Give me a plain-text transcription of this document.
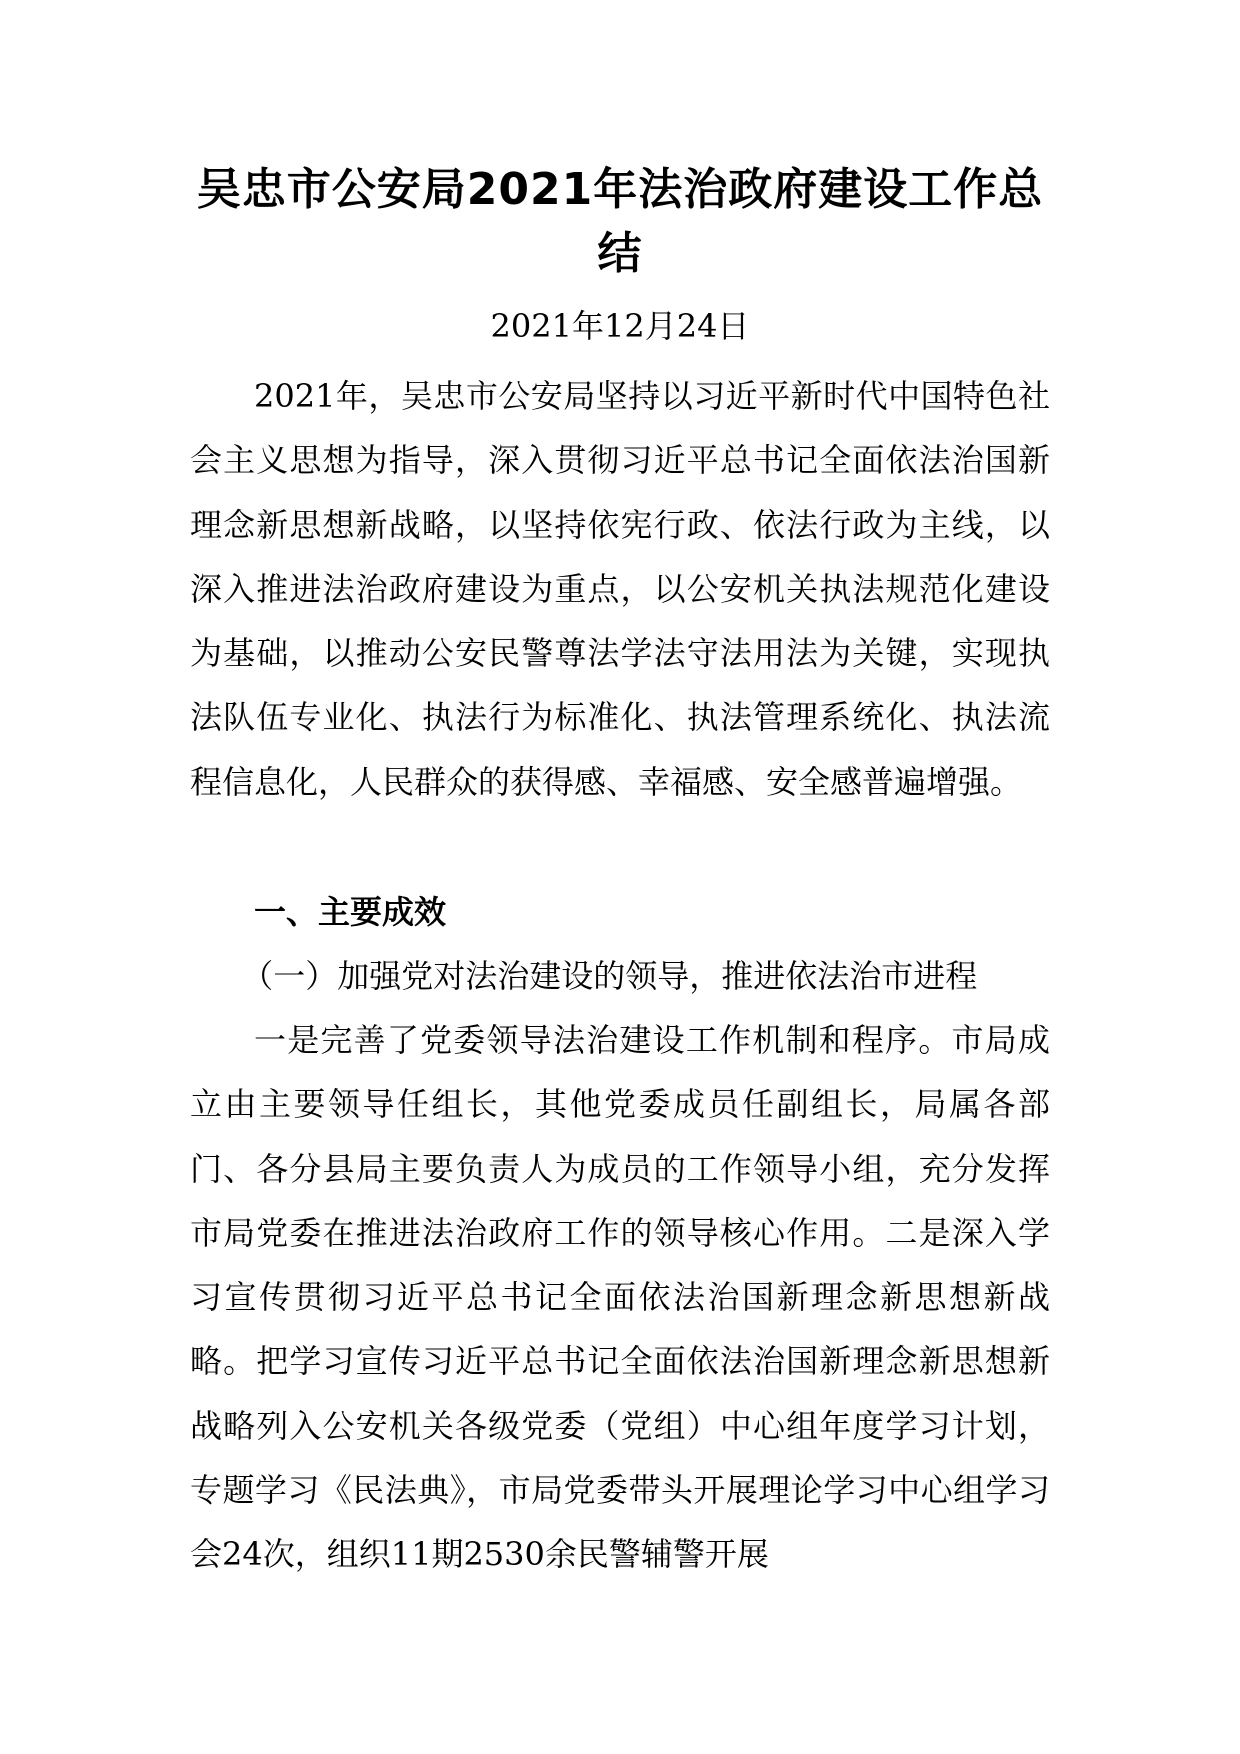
吴忠市公安局2021年法治政府建设工作总结
2021年12月24日

2021年，吴忠市公安局坚持以习近平新时代中国特色社会主义思想为指导，深入贯彻习近平总书记全面依法治国新理念新思想新战略，以坚持依宪行政、依法行政为主线，以深入推进法治政府建设为重点，以公安机关执法规范化建设为基础，以推动公安民警尊法学法守法用法为关键，实现执法队伍专业化、执法行为标准化、执法管理系统化、执法流程信息化，人民群众的获得感、幸福感、安全感普遍增强。

一、主要成效
（一）加强党对法治建设的领导，推进依法治市进程

一是完善了党委领导法治建设工作机制和程序。市局成立由主要领导任组长，其他党委成员任副组长，局属各部门、各分县局主要负责人为成员的工作领导小组，充分发挥市局党委在推进法治政府工作的领导核心作用。二是深入学习宣传贯彻习近平总书记全面依法治国新理念新思想新战略。把学习宣传习近平总书记全面依法治国新理念新思想新战略列入公安机关各级党委（党组）中心组年度学习计划，专题学习《民法典》，市局党委带头开展理论学习中心组学习会24次，组织11期2530余民警辅警开展
